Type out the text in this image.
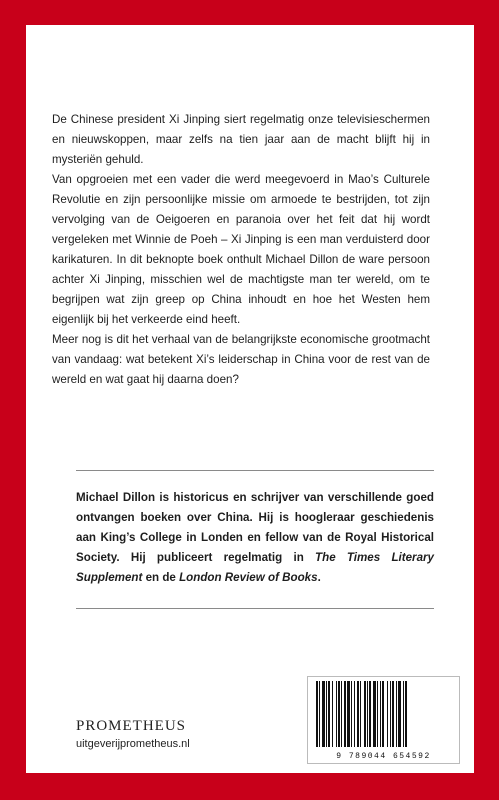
De Chinese president Xi Jinping siert regelmatig onze televisieschermen en nieuwskoppen, maar zelfs na tien jaar aan de macht blijft hij in mysteriën gehuld.

Van opgroeien met een vader die werd meegevoerd in Mao’s Culturele Revolutie en zijn persoonlijke missie om armoede te bestrijden, tot zijn vervolging van de Oeigoeren en paranoia over het feit dat hij wordt vergeleken met Winnie de Poeh – Xi Jinping is een man verduisterd door karikaturen. In dit beknopte boek onthult Michael Dillon de ware persoon achter Xi Jinping, misschien wel de machtigste man ter wereld, om te begrijpen wat zijn greep op China inhoudt en hoe het Westen hem eigenlijk bij het verkeerde eind heeft.

Meer nog is dit het verhaal van de belangrijkste economische grootmacht van vandaag: wat betekent Xi’s leiderschap in China voor de rest van de wereld en wat gaat hij daarna doen?

Michael Dillon is historicus en schrijver van verschillende goed ontvangen boeken over China. Hij is hoogleraar geschiedenis aan King’s College in Londen en fellow van de Royal Historical Society. Hij publiceert regelmatig in The Times Literary Supplement en de London Review of Books.
PROMETHEUS
uitgeverijprometheus.nl
9 789044 654592
